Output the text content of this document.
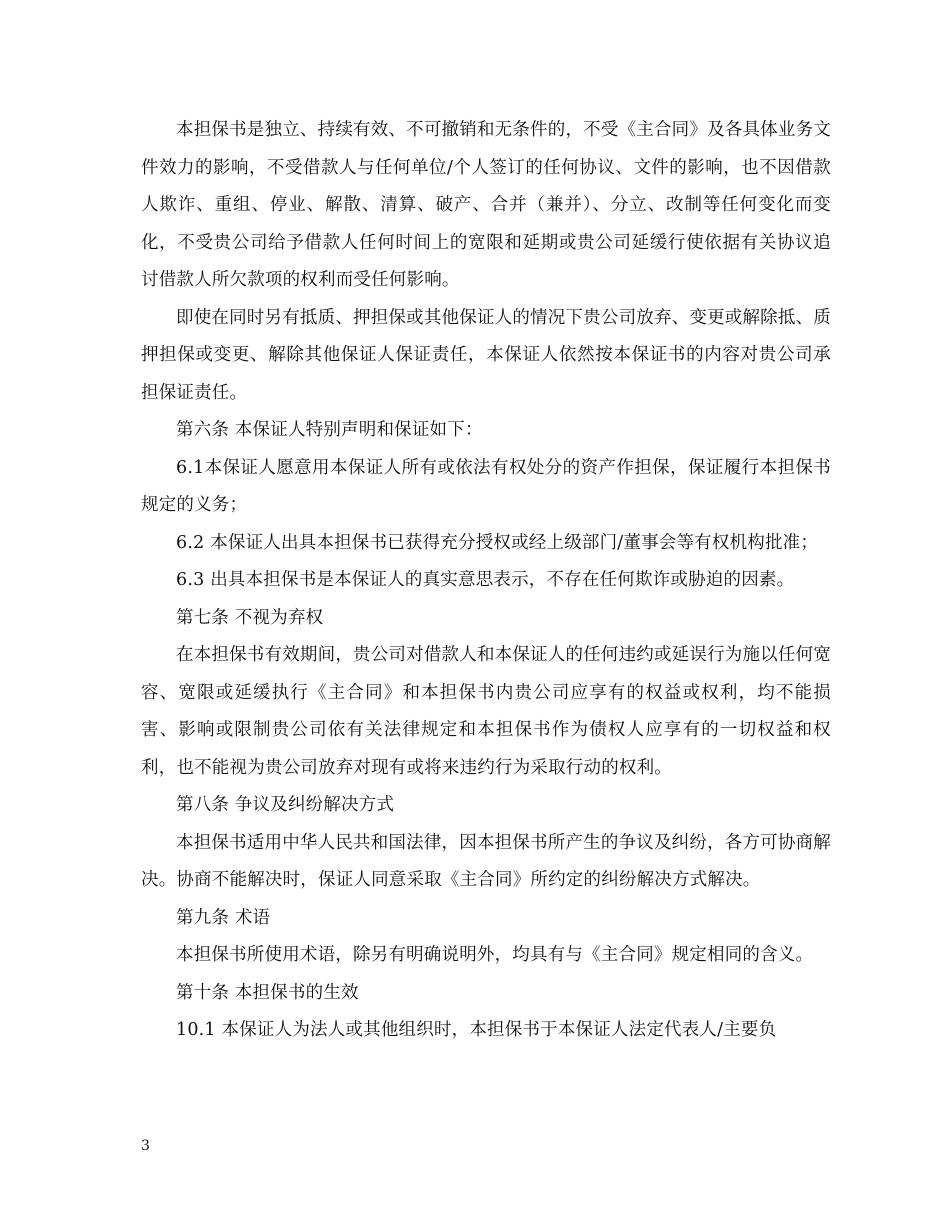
本担保书是独立、持续有效、不可撤销和无条件的，不受《主合同》及各具体业务文件效力的影响，不受借款人与任何单位/个人签订的任何协议、文件的影响，也不因借款人欺诈、重组、停业、解散、清算、破产、合并（兼并）、分立、改制等任何变化而变化，不受贵公司给予借款人任何时间上的宽限和延期或贵公司延缓行使依据有关协议追讨借款人所欠款项的权利而受任何影响。

即使在同时另有抵质、押担保或其他保证人的情况下贵公司放弃、变更或解除抵、质押担保或变更、解除其他保证人保证责任，本保证人依然按本保证书的内容对贵公司承担保证责任。

第六条 本保证人特别声明和保证如下：

6.1本保证人愿意用本保证人所有或依法有权处分的资产作担保，保证履行本担保书规定的义务；

6.2 本保证人出具本担保书已获得充分授权或经上级部门/董事会等有权机构批准；

6.3 出具本担保书是本保证人的真实意思表示，不存在任何欺诈或胁迫的因素。

第七条 不视为弃权

在本担保书有效期间，贵公司对借款人和本保证人的任何违约或延误行为施以任何宽容、宽限或延缓执行《主合同》和本担保书内贵公司应享有的权益或权利，均不能损害、影响或限制贵公司依有关法律规定和本担保书作为债权人应享有的一切权益和权利，也不能视为贵公司放弃对现有或将来违约行为采取行动的权利。

第八条 争议及纠纷解决方式

本担保书适用中华人民共和国法律，因本担保书所产生的争议及纠纷，各方可协商解决。协商不能解决时，保证人同意采取《主合同》所约定的纠纷解决方式解决。

第九条 术语

本担保书所使用术语，除另有明确说明外，均具有与《主合同》规定相同的含义。

第十条 本担保书的生效

10.1 本保证人为法人或其他组织时，本担保书于本保证人法定代表人/主要负

3
